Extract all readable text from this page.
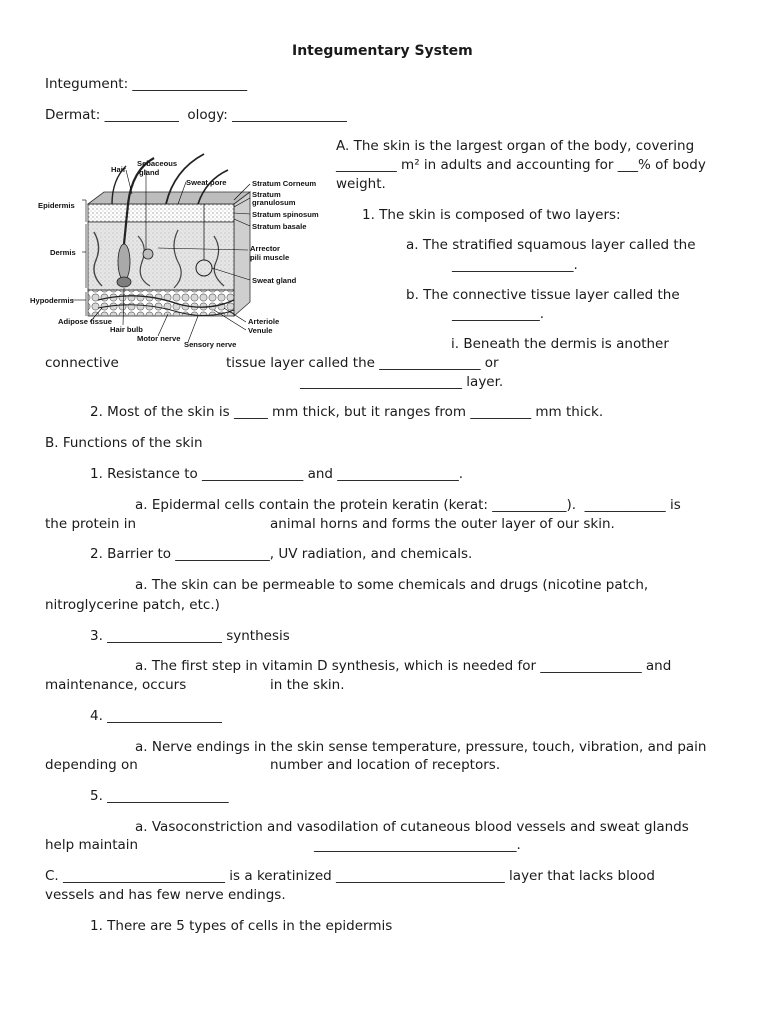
Integumentary System
Integument: _________________
Dermat: ___________  ology: _________________
Hair
Sebaceous
gland
Sweat pore	Stratum Corneum
Stratum
granulosum
Stratum spinosum
Stratum basale
Epidermis
Dermis	Arrector
pili muscle
Sweat gland
Hypodermis
Adipose tissue	Arteriole
Venule
Hair bulb
Motor nerve
Sensory nerve
A. The skin is the largest organ of the body, covering
_________ m² in adults and accounting for ___% of body
weight.
1. The skin is composed of two layers:
a. The stratified squamous layer called the
__________________.
b. The connective tissue layer called the
_____________.
i. Beneath the dermis is another
connective	tissue layer called the _______________ or
________________________ layer.
2. Most of the skin is _____ mm thick, but it ranges from _________ mm thick.
B. Functions of the skin
1. Resistance to _______________ and __________________.
a. Epidermal cells contain the protein keratin (kerat: ___________).  ____________ is
the protein in	animal horns and forms the outer layer of our skin.
2. Barrier to ______________, UV radiation, and chemicals.
a. The skin can be permeable to some chemicals and drugs (nicotine patch,
nitroglycerine patch, etc.)
3. _________________ synthesis
a. The first step in vitamin D synthesis, which is needed for _______________ and
maintenance, occurs	in the skin.
4. _________________
a. Nerve endings in the skin sense temperature, pressure, touch, vibration, and pain
depending on	number and location of receptors.
5. __________________
a. Vasoconstriction and vasodilation of cutaneous blood vessels and sweat glands
help maintain	______________________________.
C. ________________________ is a keratinized _________________________ layer that lacks blood
vessels and has few nerve endings.
1. There are 5 types of cells in the epidermis
